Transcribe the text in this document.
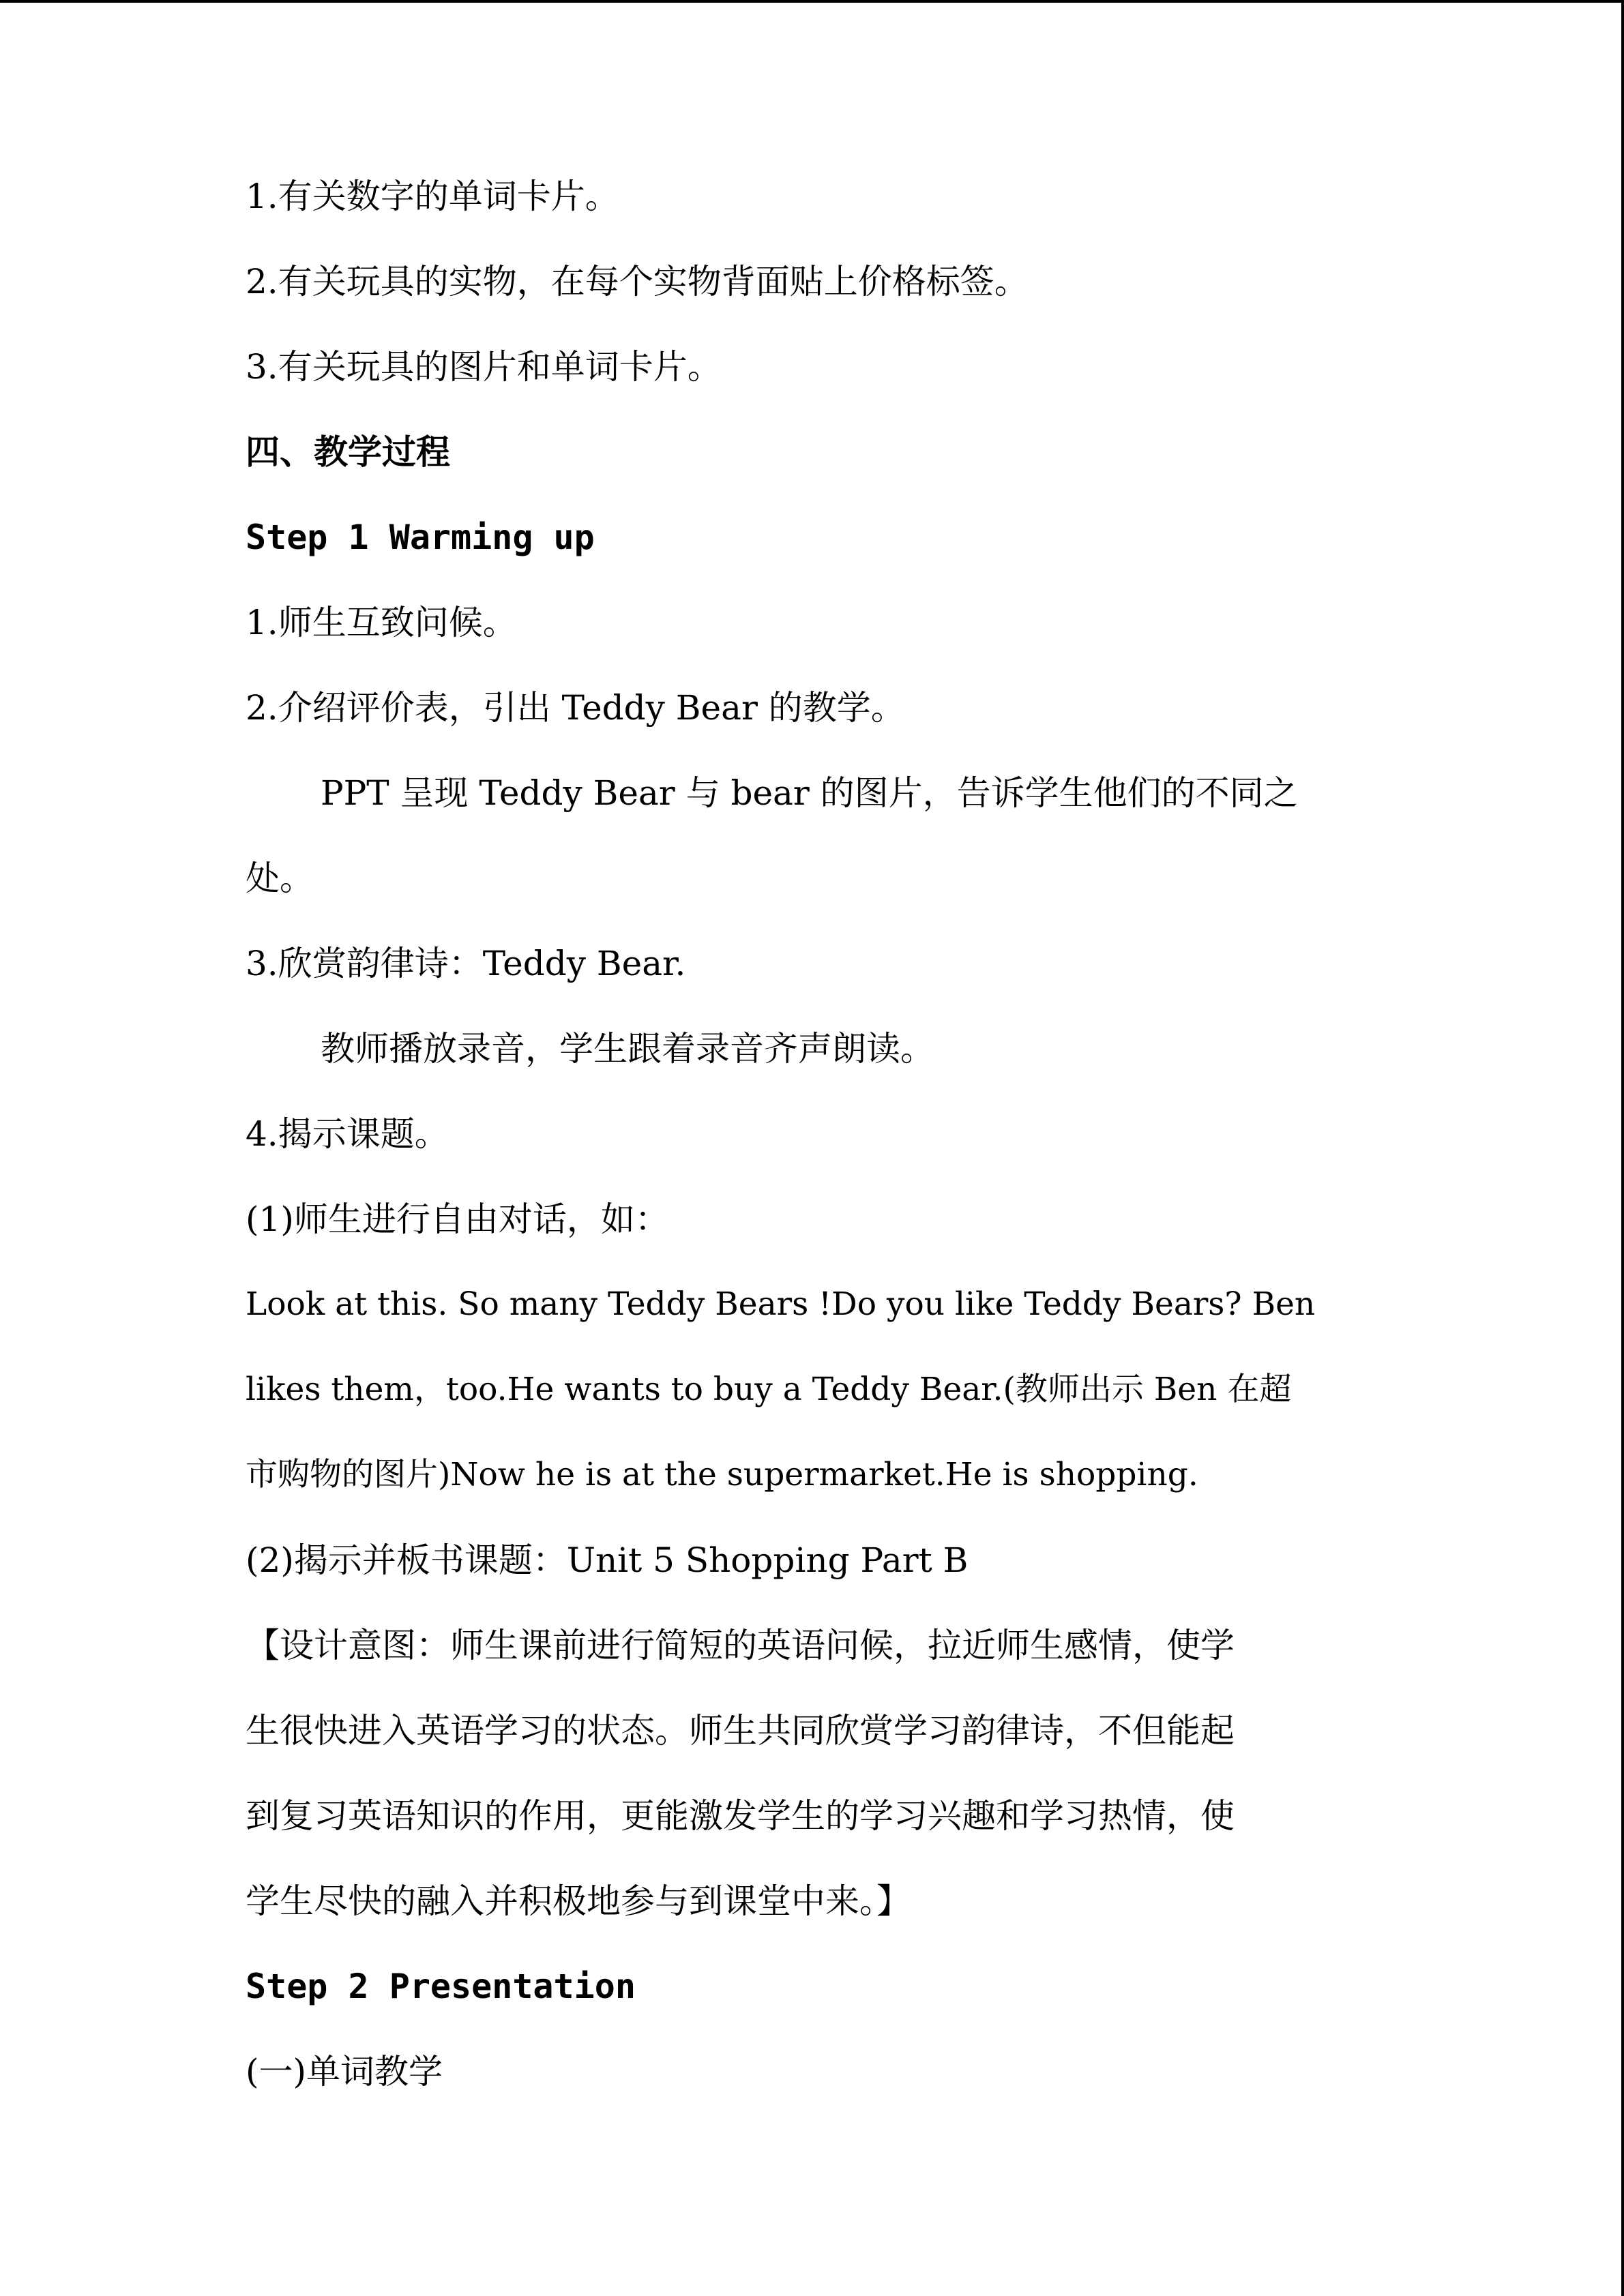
1.有关数字的单词卡片。
2.有关玩具的实物，在每个实物背面贴上价格标签。
3.有关玩具的图片和单词卡片。
四、教学过程
Step 1 Warming up
1.师生互致问候。
2.介绍评价表，引出 Teddy Bear 的教学。
PPT 呈现 Teddy Bear 与 bear 的图片，告诉学生他们的不同之
处。
3.欣赏韵律诗：Teddy Bear.
教师播放录音，学生跟着录音齐声朗读。
4.揭示课题。
(1)师生进行自由对话，如：
Look at this. So many Teddy Bears !Do you like Teddy Bears? Ben
likes them，too.He wants to buy a Teddy Bear.(教师出示 Ben 在超
市购物的图片)Now he is at the supermarket.He is shopping.
(2)揭示并板书课题：Unit 5 Shopping Part B
【设计意图：师生课前进行简短的英语问候，拉近师生感情，使学
生很快进入英语学习的状态。师生共同欣赏学习韵律诗，不但能起
到复习英语知识的作用，更能激发学生的学习兴趣和学习热情，使
学生尽快的融入并积极地参与到课堂中来。】
Step 2 Presentation
(一)单词教学
